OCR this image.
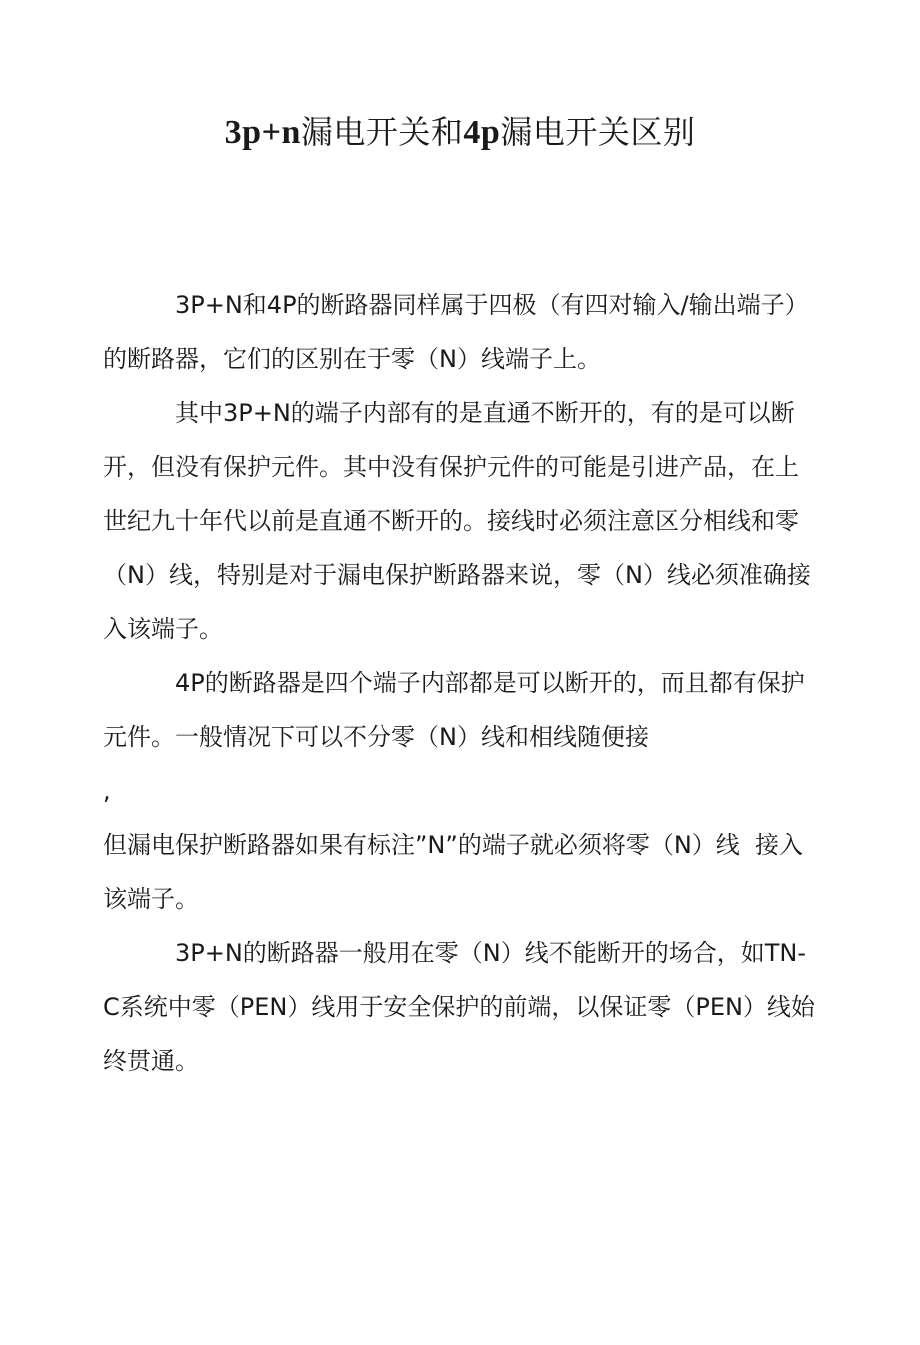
3p+n漏电开关和4p漏电开关区别

3P+N和4P的断路器同样属于四极（有四对输入/输出端子）的断路器，它们的区别在于零（N）线端子上。

其中3P+N的端子内部有的是直通不断开的，有的是可以断开，但没有保护元件。其中没有保护元件的可能是引进产品，在上世纪九十年代以前是直通不断开的。接线时必须注意区分相线和零（N）线，特别是对于漏电保护断路器来说，零（N）线必须准确接入该端子。

4P的断路器是四个端子内部都是可以断开的，而且都有保护元件。一般情况下可以不分零（N）线和相线随便接

,

但漏电保护断路器如果有标注”N”的端子就必须将零（N）线  接入该端子。

3P+N的断路器一般用在零（N）线不能断开的场合，如TN-C系统中零（PEN）线用于安全保护的前端，以保证零（PEN）线始终贯通。
